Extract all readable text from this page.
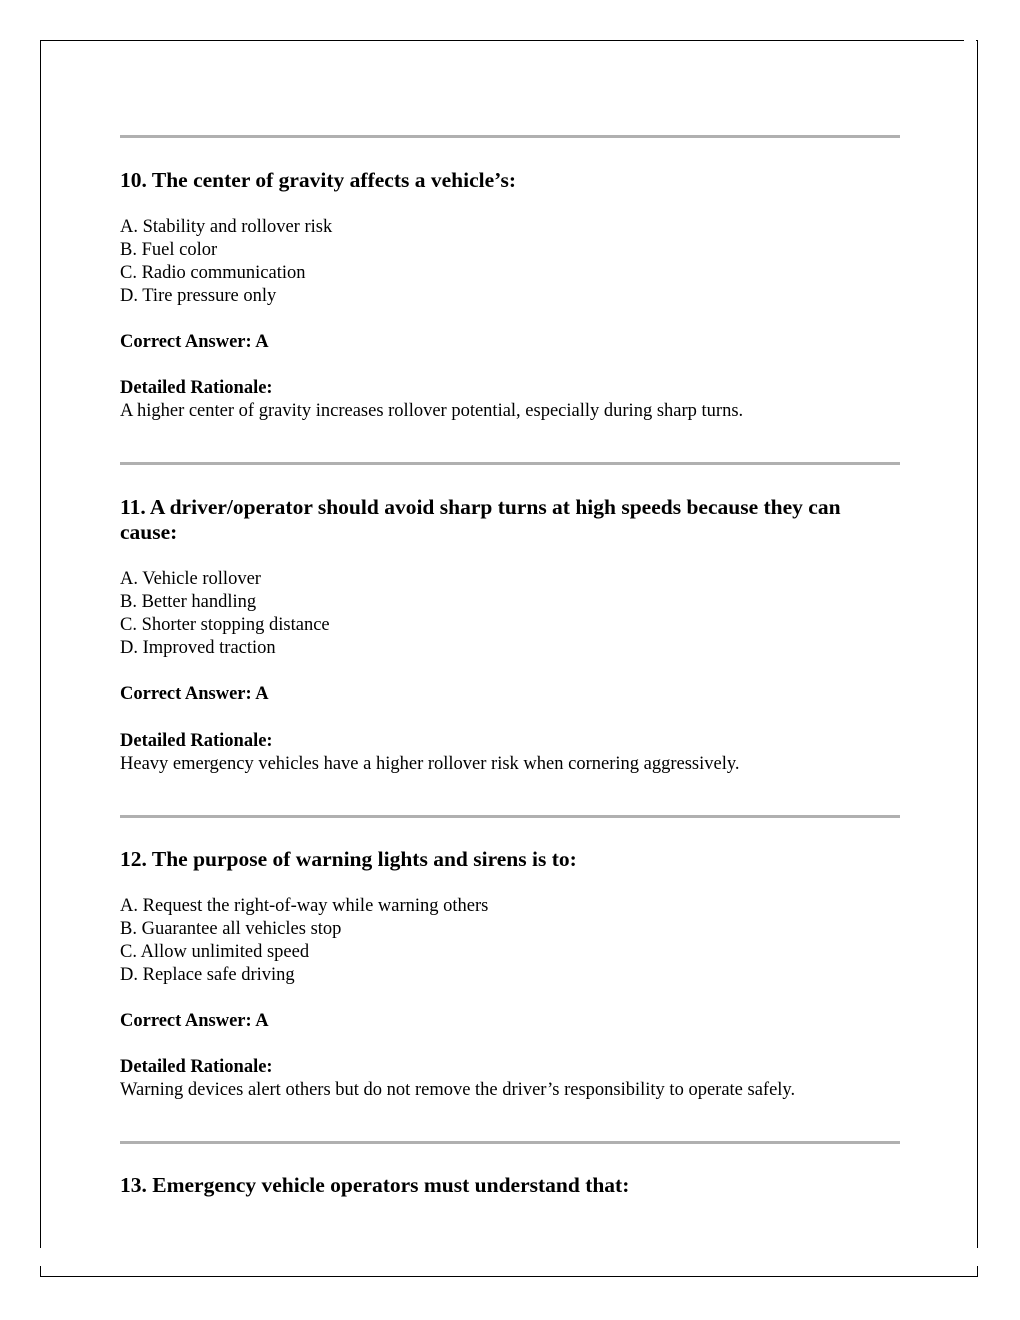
10. The center of gravity affects a vehicle’s:
A. Stability and rollover risk
B. Fuel color
C. Radio communication
D. Tire pressure only

Correct Answer: A

Detailed Rationale:

A higher center of gravity increases rollover potential, especially during sharp turns.

11. A driver/operator should avoid sharp turns at high speeds because they can cause:
A. Vehicle rollover
B. Better handling
C. Shorter stopping distance
D. Improved traction

Correct Answer: A

Detailed Rationale:

Heavy emergency vehicles have a higher rollover risk when cornering aggressively.

12. The purpose of warning lights and sirens is to:
A. Request the right-of-way while warning others
B. Guarantee all vehicles stop
C. Allow unlimited speed
D. Replace safe driving

Correct Answer: A

Detailed Rationale:

Warning devices alert others but do not remove the driver’s responsibility to operate safely.

13. Emergency vehicle operators must understand that:
